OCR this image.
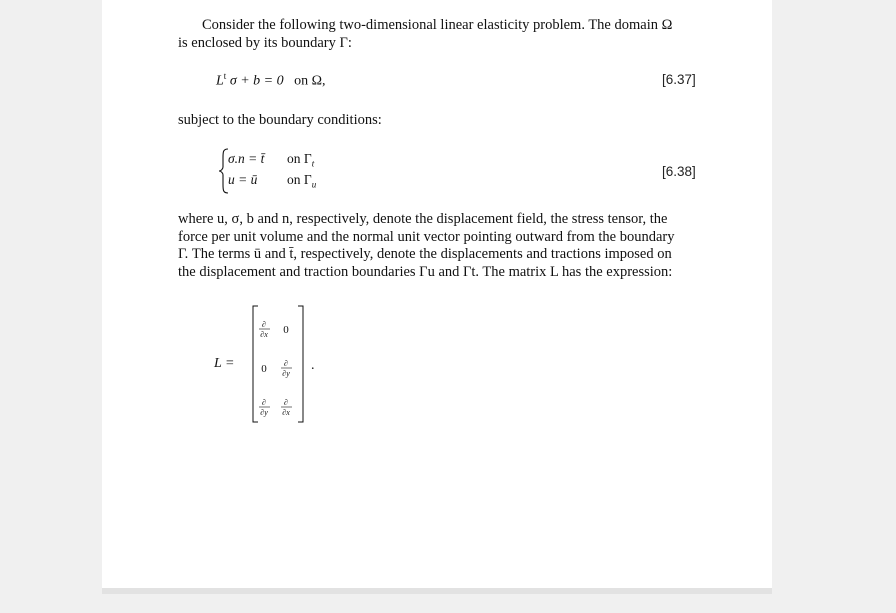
Consider the following two-dimensional linear elasticity problem. The domain Ω
is enclosed by its boundary Γ:
$L^t$ σ + b = 0 on Ω,	[6.37]
subject to the boundary conditions:
σ.n = t̄ on $\Gamma_t$
u = ū on $\Gamma_u$
[6.38]
where u, σ, b and n, respectively, denote the displacement field, the stress tensor, the
force per unit volume and the normal unit vector pointing outward from the boundary
Γ. The terms ū and t̄, respectively, denote the displacements and tractions imposed on
the displacement and traction boundaries Γu and Γt. The matrix L has the expression:
L =
∂
∂x 0
0 ∂
∂y
∂
∂y
∂
∂x
.
